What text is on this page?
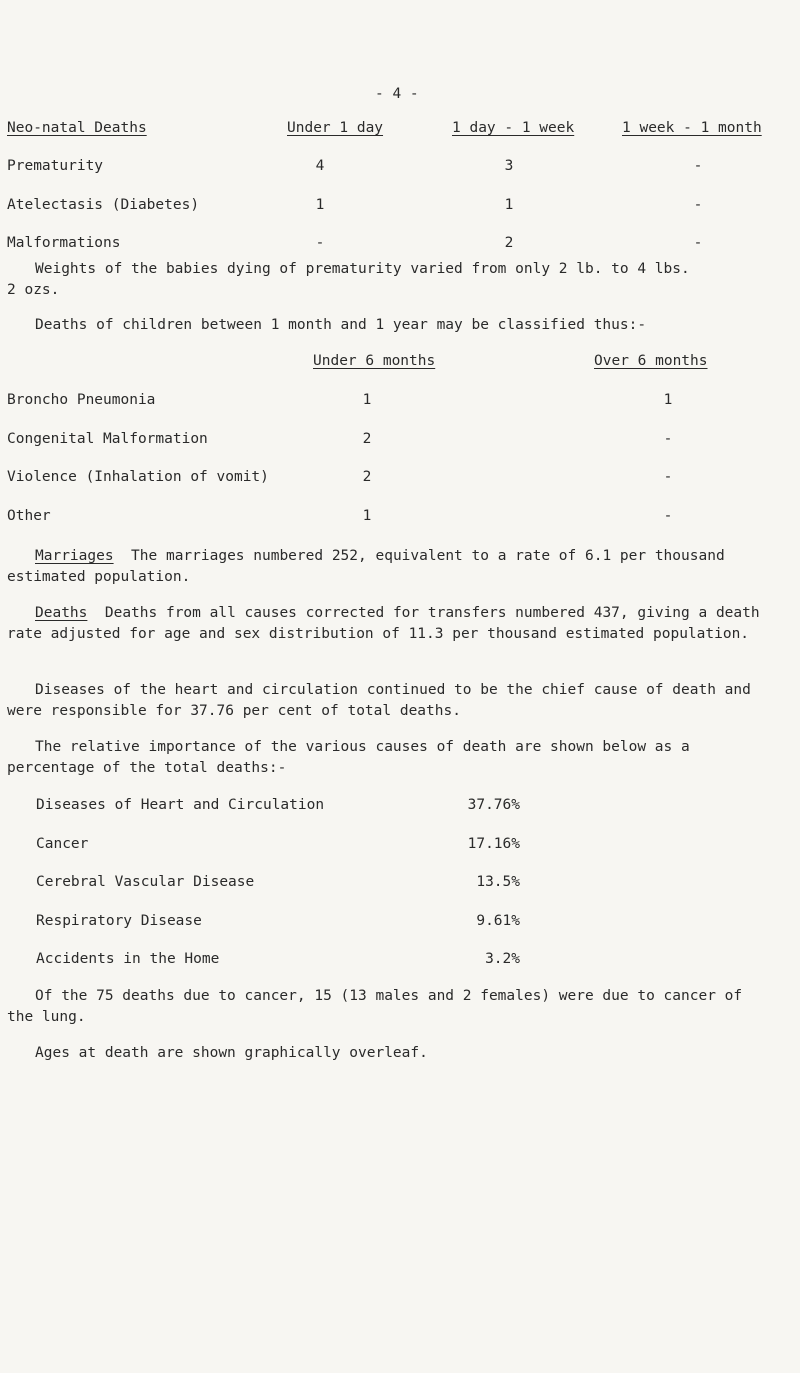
- 4 -
Neo-natal Deaths	Under 1 day	1 day - 1 week	1 week - 1 month
Prematurity	4	3	-
Atelectasis (Diabetes)	1	1	-
Malformations	-	2	-
Weights of the babies dying of prematurity varied from only 2 lb. to 4 lbs. 2 ozs.
Deaths of children between 1 month and 1 year may be classified thus:-
Under 6 months	Over 6 months
Broncho Pneumonia	1	1
Congenital Malformation	2	-
Violence (Inhalation of vomit)	2	-
Other	1	-
Marriages The marriages numbered 252, equivalent to a rate of 6.1 per thousand estimated population.
Deaths Deaths from all causes corrected for transfers numbered 437, giving a death rate adjusted for age and sex distribution of 11.3 per thousand estimated population.
Diseases of the heart and circulation continued to be the chief cause of death and were responsible for 37.76 per cent of total deaths.
The relative importance of the various causes of death are shown below as a percentage of the total deaths:-
Diseases of Heart and Circulation	37.76%
Cancer	17.16%
Cerebral Vascular Disease	13.5%
Respiratory Disease	9.61%
Accidents in the Home	3.2%
Of the 75 deaths due to cancer, 15 (13 males and 2 females) were due to cancer of the lung.
Ages at death are shown graphically overleaf.
